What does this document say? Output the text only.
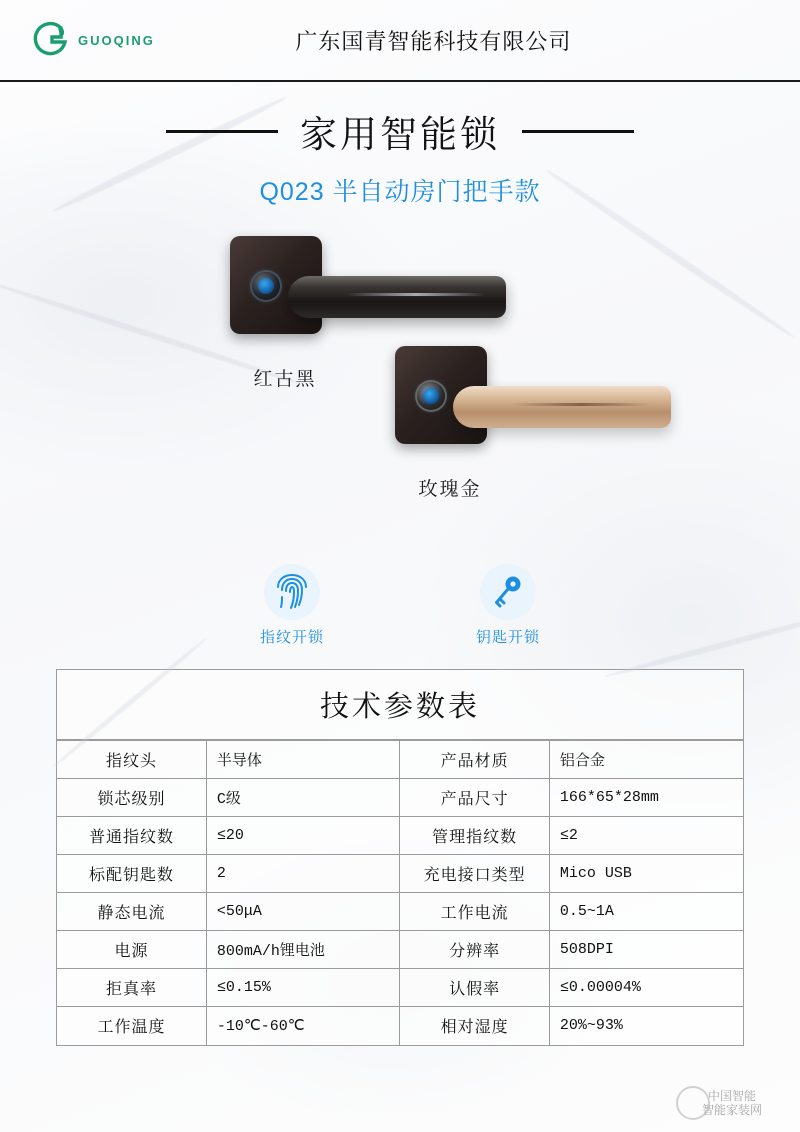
GUOQING	广东国青智能科技有限公司
家用智能锁
Q023 半自动房门把手款
红古黑
玫瑰金
指纹开锁	钥匙开锁
技术参数表
指纹头	半导体	产品材质	铝合金
锁芯级别	C级	产品尺寸	166*65*28mm
普通指纹数	≤20	管理指纹数	≤2
标配钥匙数	2	充电接口类型	Mico USB
静态电流	<50μA	工作电流	0.5~1A
电源	800mA/h锂电池	分辨率	508DPI
拒真率	≤0.15%	认假率	≤0.00004%
工作温度	-10℃-60℃	相对湿度	20%~93%
中国智能
智能家装网
